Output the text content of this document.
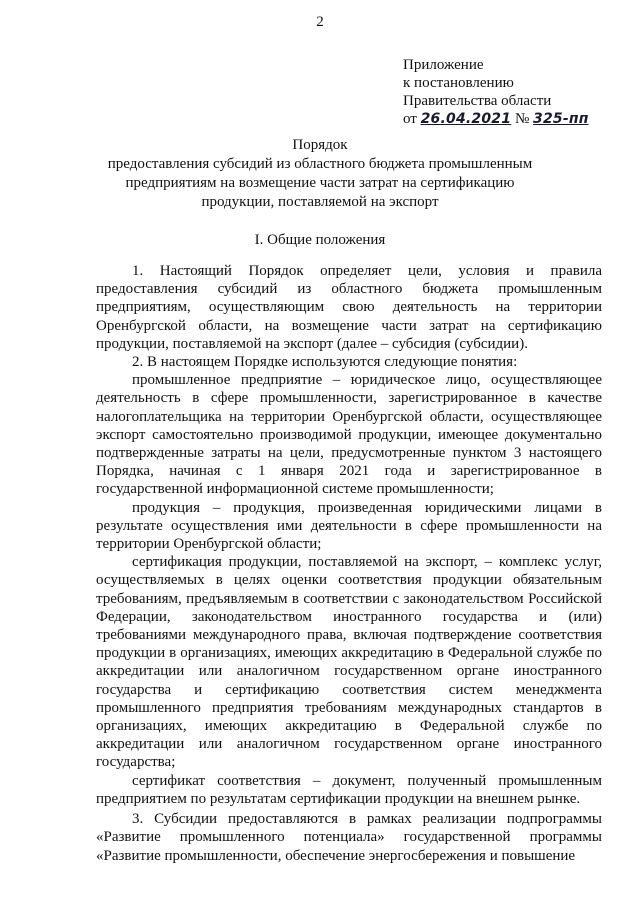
2
Приложение
к постановлению
Правительства области
от 26.04.2021 № 325-пп
Порядок
предоставления субсидий из областного бюджета промышленным
предприятиям на возмещение части затрат на сертификацию
продукции, поставляемой на экспорт
I. Общие положения

1. Настоящий Порядок определяет цели, условия и правила предоставления субсидий из областного бюджета промышленным предприятиям, осуществляющим свою деятельность на территории Оренбургской области, на возмещение части затрат на сертификацию продукции, поставляемой на экспорт (далее – субсидия (субсидии).

2. В настоящем Порядке используются следующие понятия:

промышленное предприятие – юридическое лицо, осуществляющее деятельность в сфере промышленности, зарегистрированное в качестве налогоплательщика на территории Оренбургской области, осуществляющее экспорт самостоятельно производимой продукции, имеющее документально подтвержденные затраты на цели, предусмотренные пунктом 3 настоящего Порядка, начиная с 1 января 2021 года и зарегистрированное в государственной информационной системе промышленности;

продукция – продукция, произведенная юридическими лицами в результате осуществления ими деятельности в сфере промышленности на территории Оренбургской области;

сертификация продукции, поставляемой на экспорт, – комплекс услуг, осуществляемых в целях оценки соответствия продукции обязательным требованиям, предъявляемым в соответствии с законодательством Российской Федерации, законодательством иностранного государства и (или) требованиями международного права, включая подтверждение соответствия продукции в организациях, имеющих аккредитацию в Федеральной службе по аккредитации или аналогичном государственном органе иностранного государства и сертификацию соответствия систем менеджмента промышленного предприятия требованиям международных стандартов в организациях, имеющих аккредитацию в Федеральной службе по аккредитации или аналогичном государственном органе иностранного государства;

сертификат соответствия – документ, полученный промышленным предприятием по результатам сертификации продукции на внешнем рынке.

3. Субсидии предоставляются в рамках реализации подпрограммы «Развитие промышленного потенциала» государственной программы «Развитие промышленности, обеспечение энергосбережения и повышение
